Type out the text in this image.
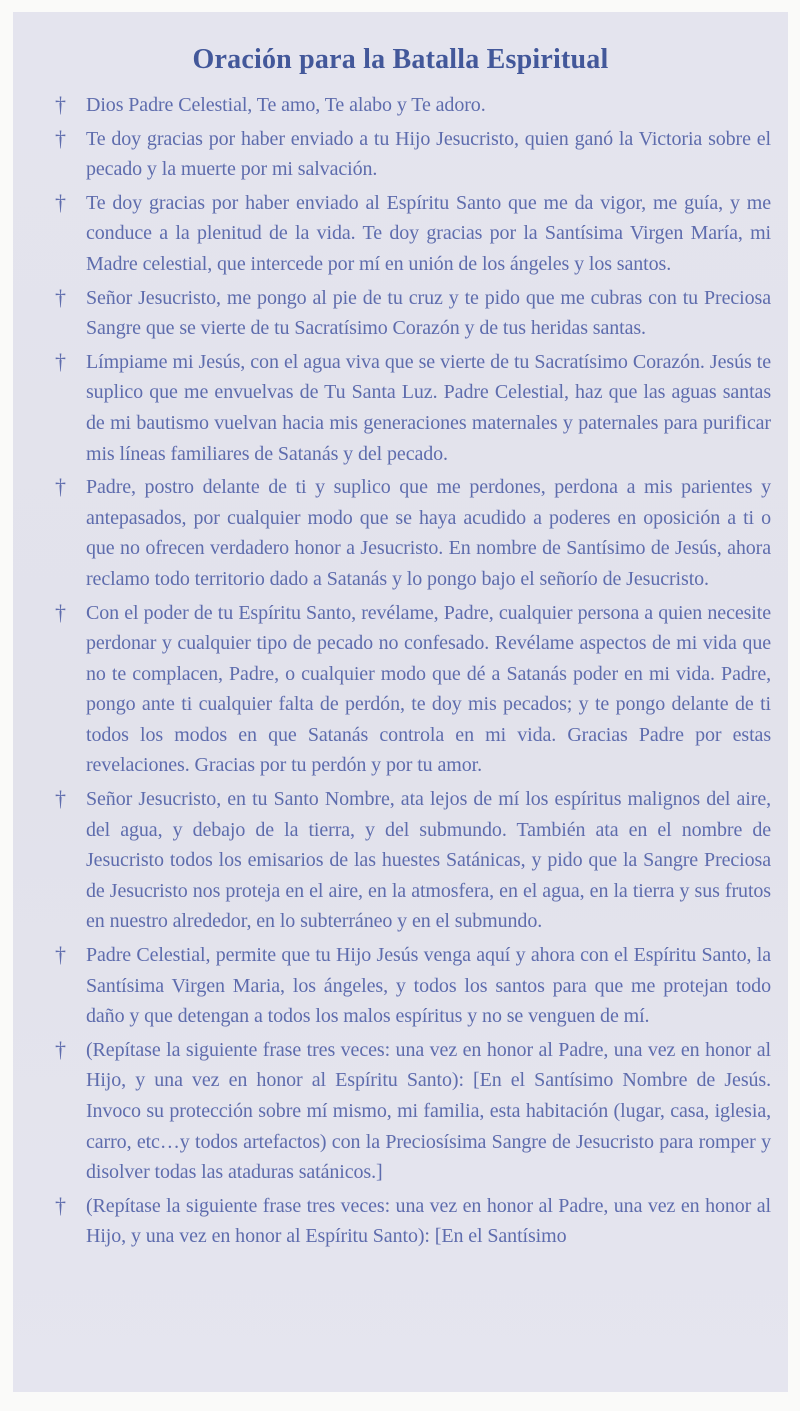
Oración para la Batalla Espiritual
†	Dios Padre Celestial, Te amo, Te alabo y Te adoro.
†	Te doy gracias por haber enviado a tu Hijo Jesucristo, quien ganó la Victoria sobre el pecado y la muerte por mi salvación.
†	Te doy gracias por haber enviado al Espíritu Santo que me da vigor, me guía, y me conduce a la plenitud de la vida. Te doy gracias por la Santísima Virgen María, mi Madre celestial, que intercede por mí en unión de los ángeles y los santos.
†	Señor Jesucristo, me pongo al pie de tu cruz y te pido que me cubras con tu Preciosa Sangre que se vierte de tu Sacratísimo Corazón y de tus heridas santas.
†	Límpiame mi Jesús, con el agua viva que se vierte de tu Sacratísimo Corazón. Jesús te suplico que me envuelvas de Tu Santa Luz. Padre Celestial, haz que las aguas santas de mi bautismo vuelvan hacia mis generaciones maternales y paternales para purificar mis líneas familiares de Satanás y del pecado.
†	Padre, postro delante de ti y suplico que me perdones, perdona a mis parientes y antepasados, por cualquier modo que se haya acudido a poderes en oposición a ti o que no ofrecen verdadero honor a Jesucristo. En nombre de Santísimo de Jesús, ahora reclamo todo territorio dado a Satanás y lo pongo bajo el señorío de Jesucristo.
†	Con el poder de tu Espíritu Santo, revélame, Padre, cualquier persona a quien necesite perdonar y cualquier tipo de pecado no confesado. Revélame aspectos de mi vida que no te complacen, Padre, o cualquier modo que dé a Satanás poder en mi vida. Padre, pongo ante ti cualquier falta de perdón, te doy mis pecados; y te pongo delante de ti todos los modos en que Satanás controla en mi vida. Gracias Padre por estas revelaciones. Gracias por tu perdón y por tu amor.
†	Señor Jesucristo, en tu Santo Nombre, ata lejos de mí los espíritus malignos del aire, del agua, y debajo de la tierra, y del submundo. También ata en el nombre de Jesucristo todos los emisarios de las huestes Satánicas, y pido que la Sangre Preciosa de Jesucristo nos proteja en el aire, en la atmosfera, en el agua, en la tierra y sus frutos en nuestro alrededor, en lo subterráneo y en el submundo.
†	Padre Celestial, permite que tu Hijo Jesús venga aquí y ahora con el Espíritu Santo, la Santísima Virgen Maria, los ángeles, y todos los santos para que me protejan todo daño y que detengan a todos los malos espíritus y no se venguen de mí.
†	(Repítase la siguiente frase tres veces: una vez en honor al Padre, una vez en honor al Hijo, y una vez en honor al Espíritu Santo): [En el Santísimo Nombre de Jesús. Invoco su protección sobre mí mismo, mi familia, esta habitación (lugar, casa, iglesia, carro, etc…y todos artefactos) con la Preciosísima Sangre de Jesucristo para romper y disolver todas las ataduras satánicos.]
†	(Repítase la siguiente frase tres veces: una vez en honor al Padre, una vez en honor al Hijo, y una vez en honor al Espíritu Santo): [En el Santísimo
